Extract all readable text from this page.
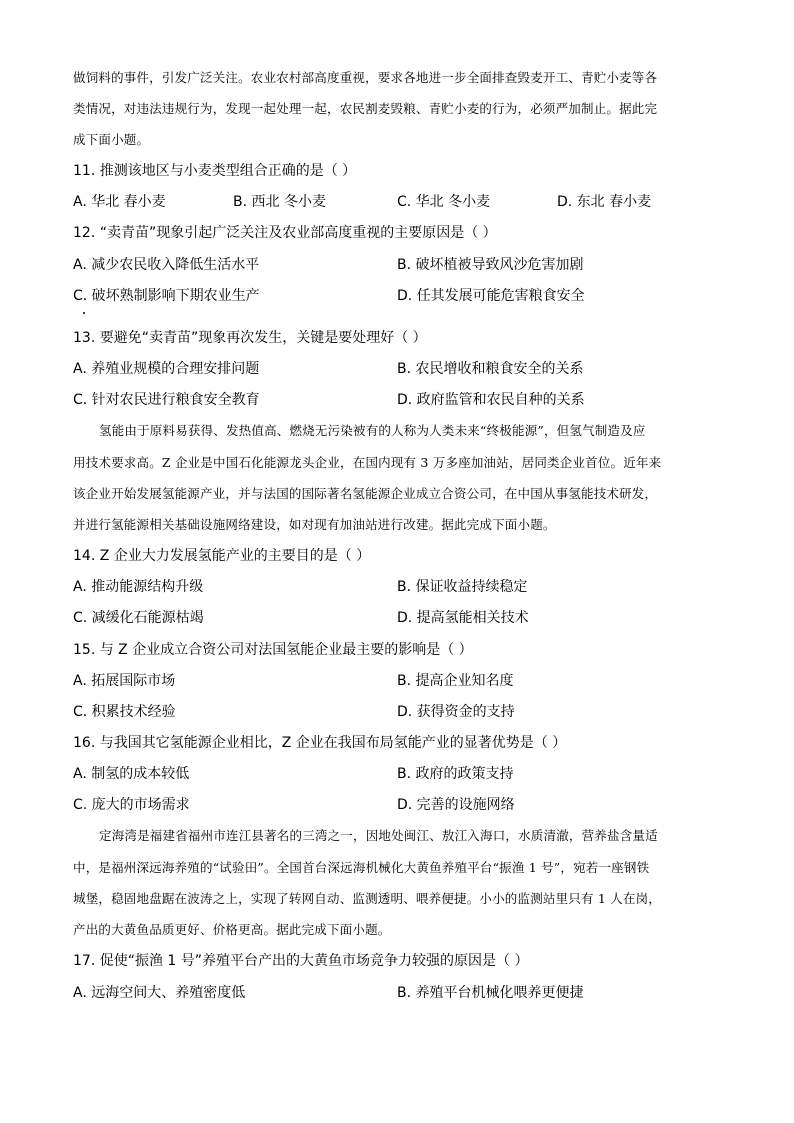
做饲料的事件，引发广泛关注。农业农村部高度重视，要求各地进一步全面排查毁麦开工、青贮小麦等各
类情况，对违法违规行为，发现一起处理一起，农民割麦毁粮、青贮小麦的行为，必须严加制止。据此完
成下面小题。
11. 推测该地区与小麦类型组合正确的是（ ）
A. 华北 春小麦	B. 西北 冬小麦	C. 华北 冬小麦	D. 东北 春小麦
12. “卖青苗”现象引起广泛关注及农业部高度重视的主要原因是（ ）
A. 减少农民收入降低生活水平	B. 破坏植被导致风沙危害加剧
C. 破坏熟制影响下期农业生产	D. 任其发展可能危害粮食安全
13. 要避免“卖青苗”现象再次发生，关键是要处理好（ ）
A. 养殖业规模的合理安排问题	B. 农民增收和粮食安全的关系
C. 针对农民进行粮食安全教育	D. 政府监管和农民自种的关系
氢能由于原料易获得、发热值高、燃烧无污染被有的人称为人类未来“终极能源”，但氢气制造及应
用技术要求高。Z 企业是中国石化能源龙头企业，在国内现有 3 万多座加油站，居同类企业首位。近年来
该企业开始发展氢能源产业，并与法国的国际著名氢能源企业成立合资公司，在中国从事氢能技术研发，
并进行氢能源相关基础设施网络建设，如对现有加油站进行改建。据此完成下面小题。
14. Z 企业大力发展氢能产业的主要目的是（ ）
A. 推动能源结构升级	B. 保证收益持续稳定
C. 减缓化石能源枯竭	D. 提高氢能相关技术
15. 与 Z 企业成立合资公司对法国氢能企业最主要的影响是（ ）
A. 拓展国际市场	B. 提高企业知名度
C. 积累技术经验	D. 获得资金的支持
16. 与我国其它氢能源企业相比，Z 企业在我国布局氢能产业的显著优势是（ ）
A. 制氢的成本较低	B. 政府的政策支持
C. 庞大的市场需求	D. 完善的设施网络
定海湾是福建省福州市连江县著名的三湾之一，因地处闽江、敖江入海口，水质清澈，营养盐含量适
中，是福州深远海养殖的“试验田”。全国首台深远海机械化大黄鱼养殖平台“振渔 1 号”，宛若一座钢铁
城堡，稳固地盘踞在波涛之上，实现了转网自动、监测透明、喂养便捷。小小的监测站里只有 1 人在岗，
产出的大黄鱼品质更好、价格更高。据此完成下面小题。
17. 促使“振渔 1 号”养殖平台产出的大黄鱼市场竞争力较强的原因是（ ）
A. 远海空间大、养殖密度低	B. 养殖平台机械化喂养更便捷
